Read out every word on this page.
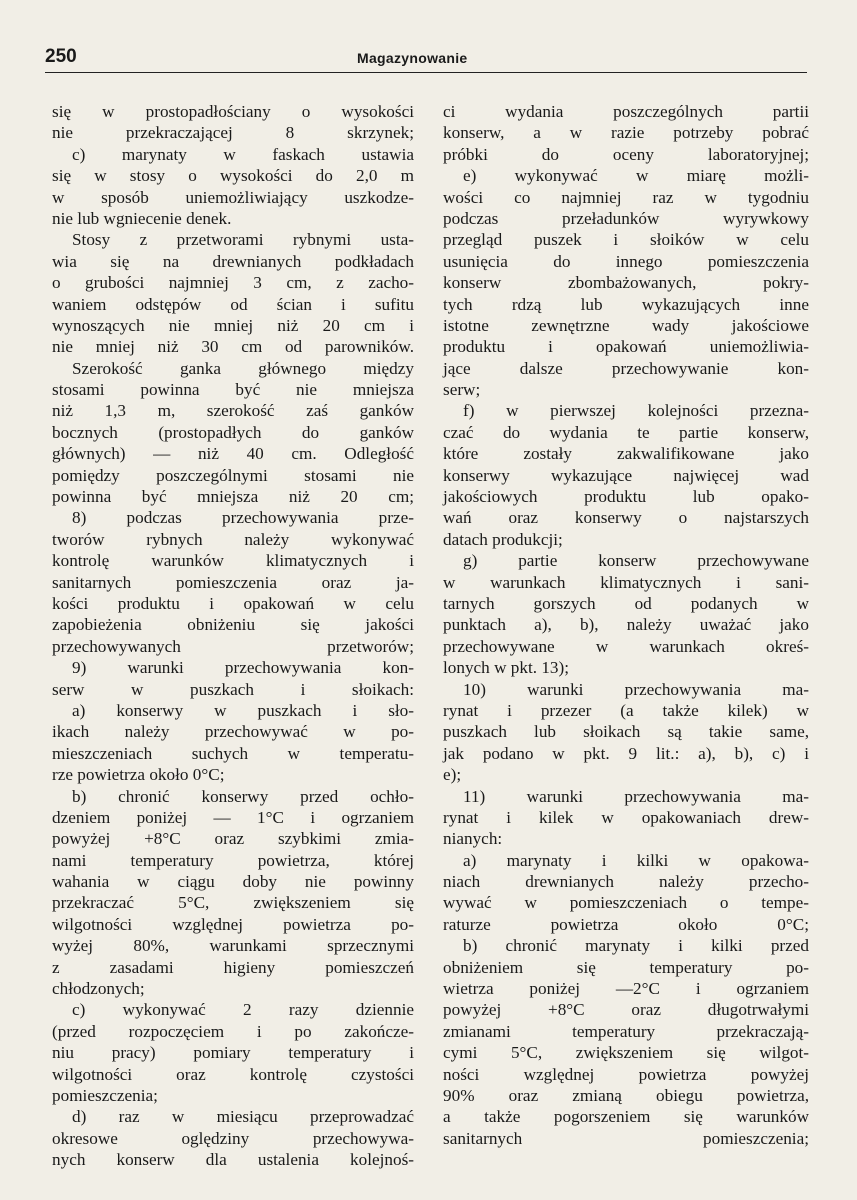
250	Magazynowanie
się w prostopadłościany o wysokości
nie przekraczającej 8 skrzynek;
c) marynaty w faskach ustawia
się w stosy o wysokości do 2,0 m
w sposób uniemożliwiający uszkodze-
nie lub wgniecenie denek.
Stosy z przetworami rybnymi usta-
wia się na drewnianych podkładach
o grubości najmniej 3 cm, z zacho-
waniem odstępów od ścian i sufitu
wynoszących nie mniej niż 20 cm i
nie mniej niż 30 cm od parowników.
Szerokość ganka głównego między
stosami powinna być nie mniejsza
niż 1,3 m, szerokość zaś ganków
bocznych (prostopadłych do ganków
głównych) — niż 40 cm. Odległość
pomiędzy poszczególnymi stosami nie
powinna być mniejsza niż 20 cm;
8) podczas przechowywania prze-
tworów rybnych należy wykonywać
kontrolę warunków klimatycznych i
sanitarnych pomieszczenia oraz ja-
kości produktu i opakowań w celu
zapobieżenia obniżeniu się jakości
przechowywanych przetworów;
9) warunki przechowywania kon-
serw w puszkach i słoikach:
a) konserwy w puszkach i sło-
ikach należy przechowywać w po-
mieszczeniach suchych w temperatu-
rze powietrza około 0°C;
b) chronić konserwy przed ochło-
dzeniem poniżej — 1°C i ogrzaniem
powyżej +8°C oraz szybkimi zmia-
nami temperatury powietrza, której
wahania w ciągu doby nie powinny
przekraczać 5°C, zwiększeniem się
wilgotności względnej powietrza po-
wyżej 80%, warunkami sprzecznymi
z zasadami higieny pomieszczeń
chłodzonych;
c) wykonywać 2 razy dziennie
(przed rozpoczęciem i po zakończe-
niu pracy) pomiary temperatury i
wilgotności oraz kontrolę czystości
pomieszczenia;
d) raz w miesiącu przeprowadzać
okresowe oględziny przechowywa-
nych konserw dla ustalenia kolejnoś-
ci wydania poszczególnych partii
konserw, a w razie potrzeby pobrać
próbki do oceny laboratoryjnej;
e) wykonywać w miarę możli-
wości co najmniej raz w tygodniu
podczas przeładunków wyrywkowy
przegląd puszek i słoików w celu
usunięcia do innego pomieszczenia
konserw zbombażowanych, pokry-
tych rdzą lub wykazujących inne
istotne zewnętrzne wady jakościowe
produktu i opakowań uniemożliwia-
jące dalsze przechowywanie kon-
serw;
f) w pierwszej kolejności przezna-
czać do wydania te partie konserw,
które zostały zakwalifikowane jako
konserwy wykazujące najwięcej wad
jakościowych produktu lub opako-
wań oraz konserwy o najstarszych
datach produkcji;
g) partie konserw przechowywane
w warunkach klimatycznych i sani-
tarnych gorszych od podanych w
punktach a), b), należy uważać jako
przechowywane w warunkach okreś-
lonych w pkt. 13);
10) warunki przechowywania ma-
rynat i przezer (a także kilek) w
puszkach lub słoikach są takie same,
jak podano w pkt. 9 lit.: a), b), c) i
e);
11) warunki przechowywania ma-
rynat i kilek w opakowaniach drew-
nianych:
a) marynaty i kilki w opakowa-
niach drewnianych należy przecho-
wywać w pomieszczeniach o tempe-
raturze powietrza około 0°C;
b) chronić marynaty i kilki przed
obniżeniem się temperatury po-
wietrza poniżej —2°C i ogrzaniem
powyżej +8°C oraz długotrwałymi
zmianami temperatury przekraczają-
cymi 5°C, zwiększeniem się wilgot-
ności względnej powietrza powyżej
90% oraz zmianą obiegu powietrza,
a także pogorszeniem się warunków
sanitarnych pomieszczenia;
